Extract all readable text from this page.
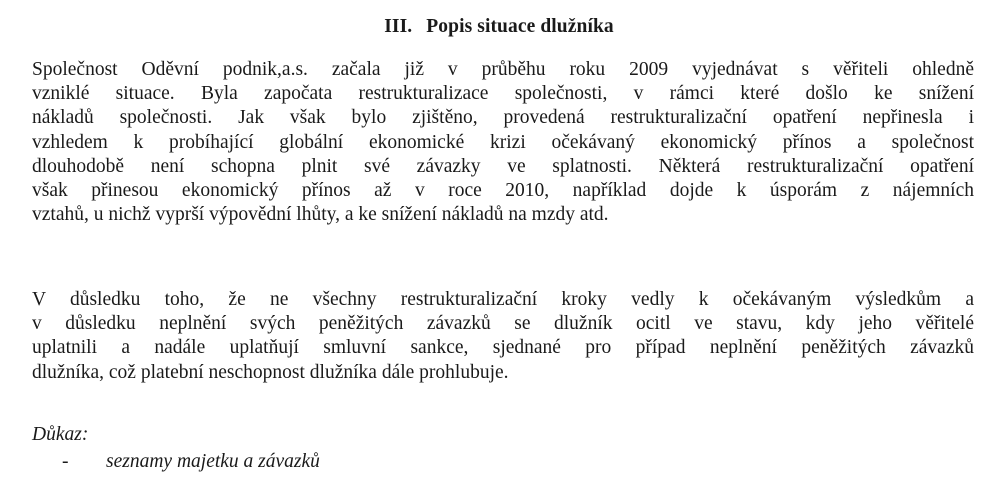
III. Popis situace dlužníka
Společnost Oděvní podnik,a.s. začala již v průběhu roku 2009 vyjednávat s věřiteli ohledně
vzniklé situace. Byla započata restrukturalizace společnosti, v rámci které došlo ke snížení
nákladů společnosti. Jak však bylo zjištěno, provedená restrukturalizační opatření nepřinesla i
vzhledem k probíhající globální ekonomické krizi očekávaný ekonomický přínos a společnost
dlouhodobě není schopna plnit své závazky ve splatnosti. Některá restrukturalizační opatření
však přinesou ekonomický přínos až v roce 2010, například dojde k úsporám z nájemních
vztahů, u nichž vyprší výpovědní lhůty, a ke snížení nákladů na mzdy atd.
V důsledku toho, že ne všechny restrukturalizační kroky vedly k očekávaným výsledkům a
v důsledku neplnění svých peněžitých závazků se dlužník ocitl ve stavu, kdy jeho věřitelé
uplatnili a nadále uplatňují smluvní sankce, sjednané pro případ neplnění peněžitých závazků
dlužníka, což platební neschopnost dlužníka dále prohlubuje.
Důkaz:
-	seznamy majetku a závazků
